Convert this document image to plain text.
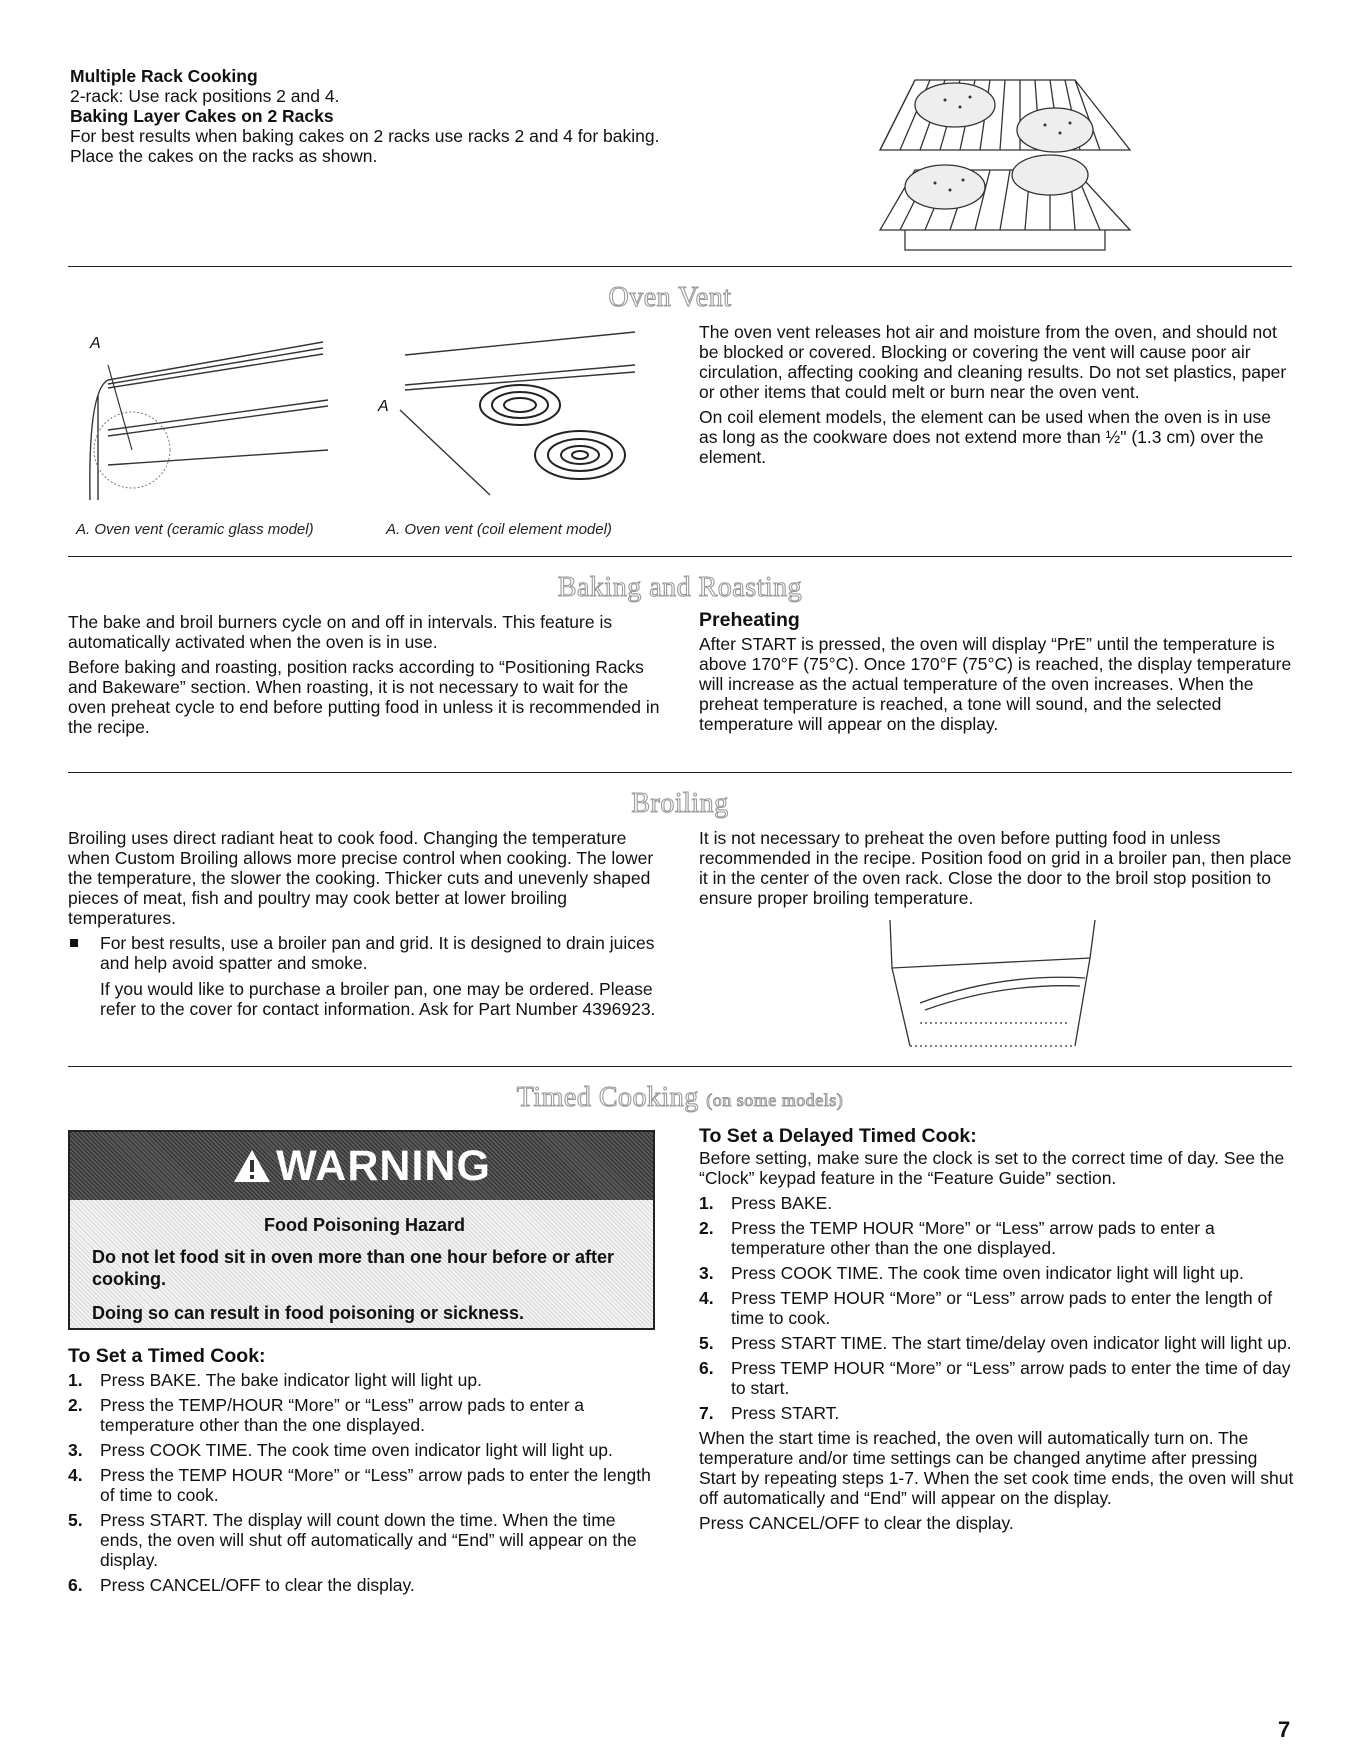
Multiple Rack Cooking
2-rack: Use rack positions 2 and 4.
Baking Layer Cakes on 2 Racks
For best results when baking cakes on 2 racks use racks 2 and 4 for baking. Place the cakes on the racks as shown.
Oven Vent
A
A
A. Oven vent (ceramic glass model)	A. Oven vent (coil element model)

The oven vent releases hot air and moisture from the oven, and should not be blocked or covered. Blocking or covering the vent will cause poor air circulation, affecting cooking and cleaning results. Do not set plastics, paper or other items that could melt or burn near the oven vent.

On coil element models, the element can be used when the oven is in use as long as the cookware does not extend more than ½" (1.3 cm) over the element.

Baking and Roasting

The bake and broil burners cycle on and off in intervals. This feature is automatically activated when the oven is in use.

Before baking and roasting, position racks according to “Positioning Racks and Bakeware” section. When roasting, it is not necessary to wait for the oven preheat cycle to end before putting food in unless it is recommended in the recipe.

Preheating

After START is pressed, the oven will display “PrE” until the temperature is above 170°F (75°C). Once 170°F (75°C) is reached, the display temperature will increase as the actual temperature of the oven increases. When the preheat temperature is reached, a tone will sound, and the selected temperature will appear on the display.

Broiling

Broiling uses direct radiant heat to cook food. Changing the temperature when Custom Broiling allows more precise control when cooking. The lower the temperature, the slower the cooking. Thicker cuts and unevenly shaped pieces of meat, fish and poultry may cook better at lower broiling temperatures.

For best results, use a broiler pan and grid. It is designed to drain juices and help avoid spatter and smoke.

If you would like to purchase a broiler pan, one may be ordered. Please refer to the cover for contact information. Ask for Part Number 4396923.

It is not necessary to preheat the oven before putting food in unless recommended in the recipe. Position food on grid in a broiler pan, then place it in the center of the oven rack. Close the door to the broil stop position to ensure proper broiling temperature.

Timed Cooking (on some models)
WARNING
Food Poisoning Hazard
Do not let food sit in oven more than one hour before or after cooking.
Doing so can result in food poisoning or sickness.
To Set a Timed Cook:
1. Press BAKE. The bake indicator light will light up.
2. Press the TEMP/HOUR “More” or “Less” arrow pads to enter a temperature other than the one displayed.
3. Press COOK TIME. The cook time oven indicator light will light up.
4. Press the TEMP HOUR “More” or “Less” arrow pads to enter the length of time to cook.
5. Press START. The display will count down the time. When the time ends, the oven will shut off automatically and “End” will appear on the display.
6. Press CANCEL/OFF to clear the display.
To Set a Delayed Timed Cook:

Before setting, make sure the clock is set to the correct time of day. See the “Clock” keypad feature in the “Feature Guide” section.

1. Press BAKE.
2. Press the TEMP HOUR “More” or “Less” arrow pads to enter a temperature other than the one displayed.
3. Press COOK TIME. The cook time oven indicator light will light up.
4. Press TEMP HOUR “More” or “Less” arrow pads to enter the length of time to cook.
5. Press START TIME. The start time/delay oven indicator light will light up.
6. Press TEMP HOUR “More” or “Less” arrow pads to enter the time of day to start.
7. Press START.

When the start time is reached, the oven will automatically turn on. The temperature and/or time settings can be changed anytime after pressing Start by repeating steps 1-7. When the set cook time ends, the oven will shut off automatically and “End” will appear on the display.

Press CANCEL/OFF to clear the display.

7
